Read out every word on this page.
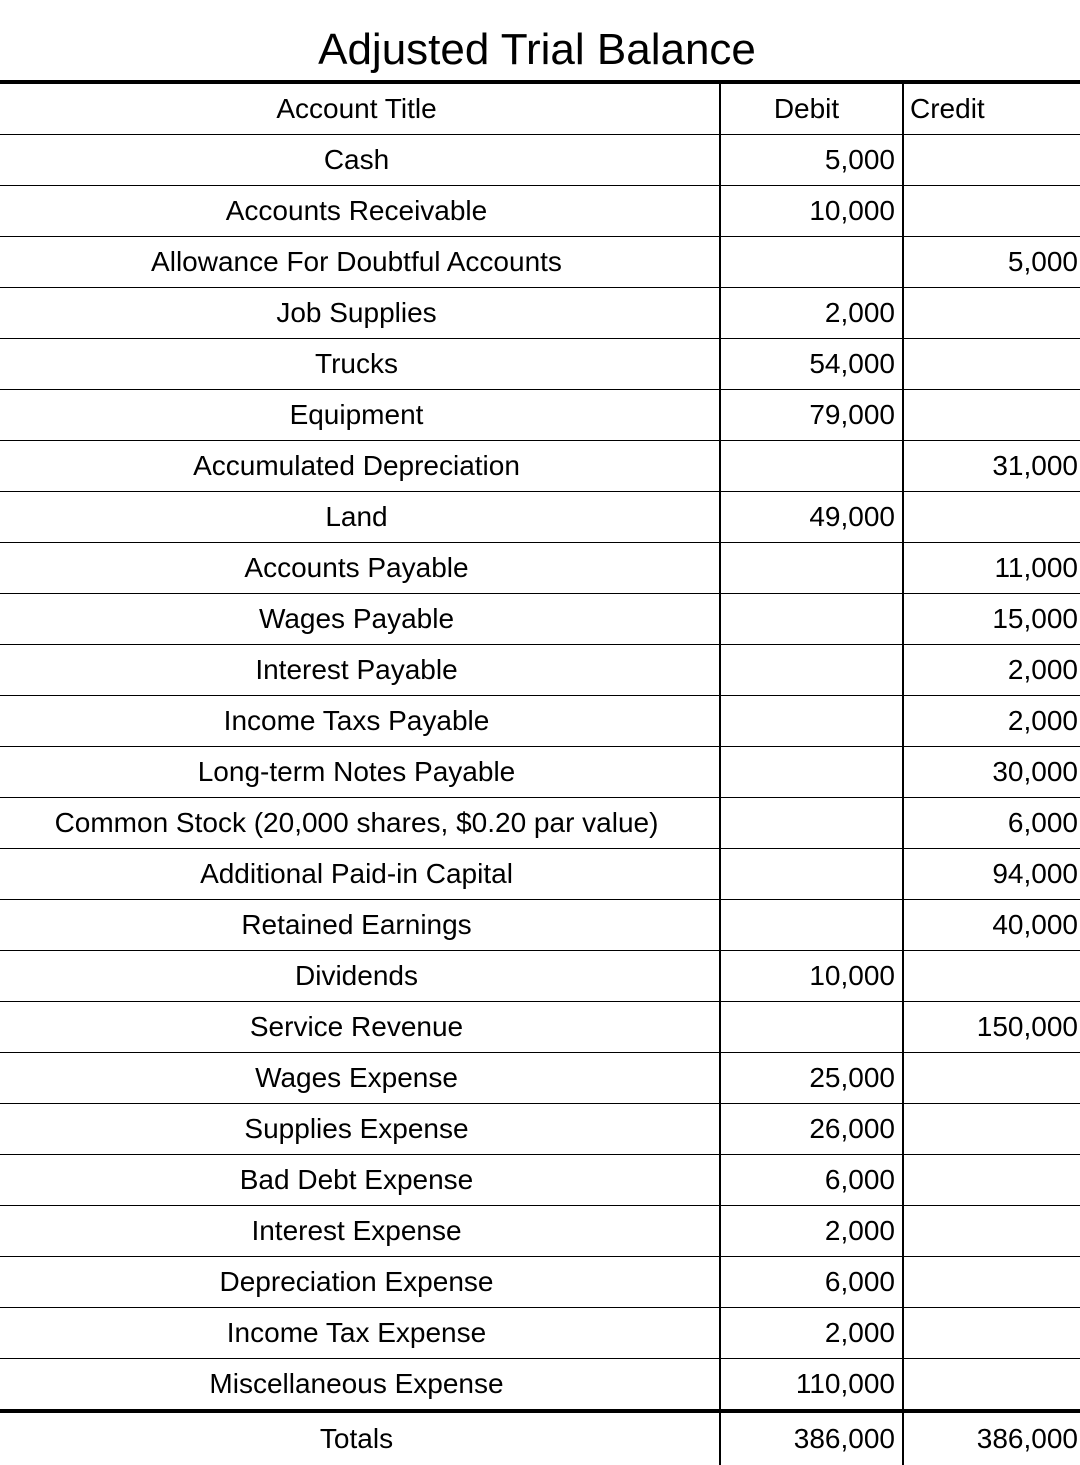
Adjusted Trial Balance
Account Title	Debit	Credit
Cash	5,000	
Accounts Receivable	10,000	
Allowance For Doubtful Accounts		5,000
Job Supplies	2,000	
Trucks	54,000	
Equipment	79,000	
Accumulated Depreciation		31,000
Land	49,000	
Accounts Payable		11,000
Wages Payable		15,000
Interest Payable		2,000
Income Taxs Payable		2,000
Long-term Notes Payable		30,000
Common Stock (20,000 shares, $0.20 par value)		6,000
Additional Paid-in Capital		94,000
Retained Earnings		40,000
Dividends	10,000	
Service Revenue		150,000
Wages Expense	25,000	
Supplies Expense	26,000	
Bad Debt Expense	6,000	
Interest Expense	2,000	
Depreciation Expense	6,000	
Income Tax Expense	2,000	
Miscellaneous Expense	110,000	
Totals	386,000	386,000
